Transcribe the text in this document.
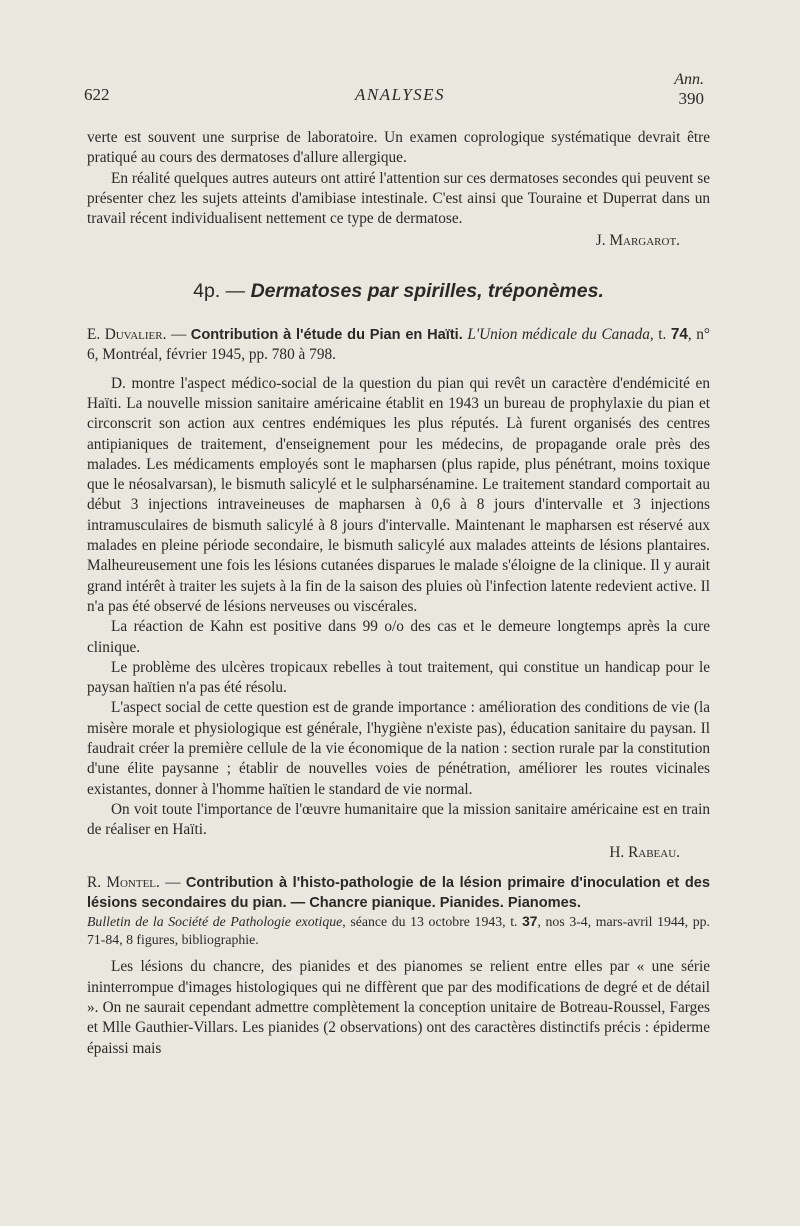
622	ANALYSES
Ann.
390

verte est souvent une surprise de laboratoire. Un examen coprologique systématique devrait être pratiqué au cours des dermatoses d'allure allergique.

En réalité quelques autres auteurs ont attiré l'attention sur ces dermatoses secondes qui peuvent se présenter chez les sujets atteints d'amibiase intestinale. C'est ainsi que Touraine et Duperrat dans un travail récent individualisent nettement ce type de dermatose.

J. Margarot.

4p. — Dermatoses par spirilles, tréponèmes.

E. Duvalier. — Contribution à l'étude du Pian en Haïti. L'Union médicale du Canada, t. 74, n° 6, Montréal, février 1945, pp. 780 à 798.

D. montre l'aspect médico-social de la question du pian qui revêt un caractère d'endémicité en Haïti. La nouvelle mission sanitaire américaine établit en 1943 un bureau de prophylaxie du pian et circonscrit son action aux centres endémiques les plus réputés. Là furent organisés des centres antipianiques de traitement, d'enseignement pour les médecins, de propagande orale près des malades. Les médicaments employés sont le mapharsen (plus rapide, plus pénétrant, moins toxique que le néosalvarsan), le bismuth salicylé et le sulpharsénamine. Le traitement standard comportait au début 3 injections intraveineuses de mapharsen à 0,6 à 8 jours d'intervalle et 3 injections intramusculaires de bismuth salicylé à 8 jours d'intervalle. Maintenant le mapharsen est réservé aux malades en pleine période secondaire, le bismuth salicylé aux malades atteints de lésions plantaires. Malheureusement une fois les lésions cutanées disparues le malade s'éloigne de la clinique. Il y aurait grand intérêt à traiter les sujets à la fin de la saison des pluies où l'infection latente redevient active. Il n'a pas été observé de lésions nerveuses ou viscérales.

La réaction de Kahn est positive dans 99 o/o des cas et le demeure longtemps après la cure clinique.

Le problème des ulcères tropicaux rebelles à tout traitement, qui constitue un handicap pour le paysan haïtien n'a pas été résolu.

L'aspect social de cette question est de grande importance : amélioration des conditions de vie (la misère morale et physiologique est générale, l'hygiène n'existe pas), éducation sanitaire du paysan. Il faudrait créer la première cellule de la vie économique de la nation : section rurale par la constitution d'une élite paysanne ; établir de nouvelles voies de pénétration, améliorer les routes vicinales existantes, donner à l'homme haïtien le standard de vie normal.

On voit toute l'importance de l'œuvre humanitaire que la mission sanitaire américaine est en train de réaliser en Haïti.

H. Rabeau.

R. Montel. — Contribution à l'histo-pathologie de la lésion primaire d'inoculation et des lésions secondaires du pian. — Chancre pianique. Pianides. Pianomes.

Bulletin de la Société de Pathologie exotique, séance du 13 octobre 1943, t. 37, nos 3-4, mars-avril 1944, pp. 71-84, 8 figures, bibliographie.

Les lésions du chancre, des pianides et des pianomes se relient entre elles par « une série ininterrompue d'images histologiques qui ne diffèrent que par des modifications de degré et de détail ». On ne saurait cependant admettre complètement la conception unitaire de Botreau-Roussel, Farges et Mlle Gauthier-Villars. Les pianides (2 observations) ont des caractères distinctifs précis : épiderme épaissi mais
